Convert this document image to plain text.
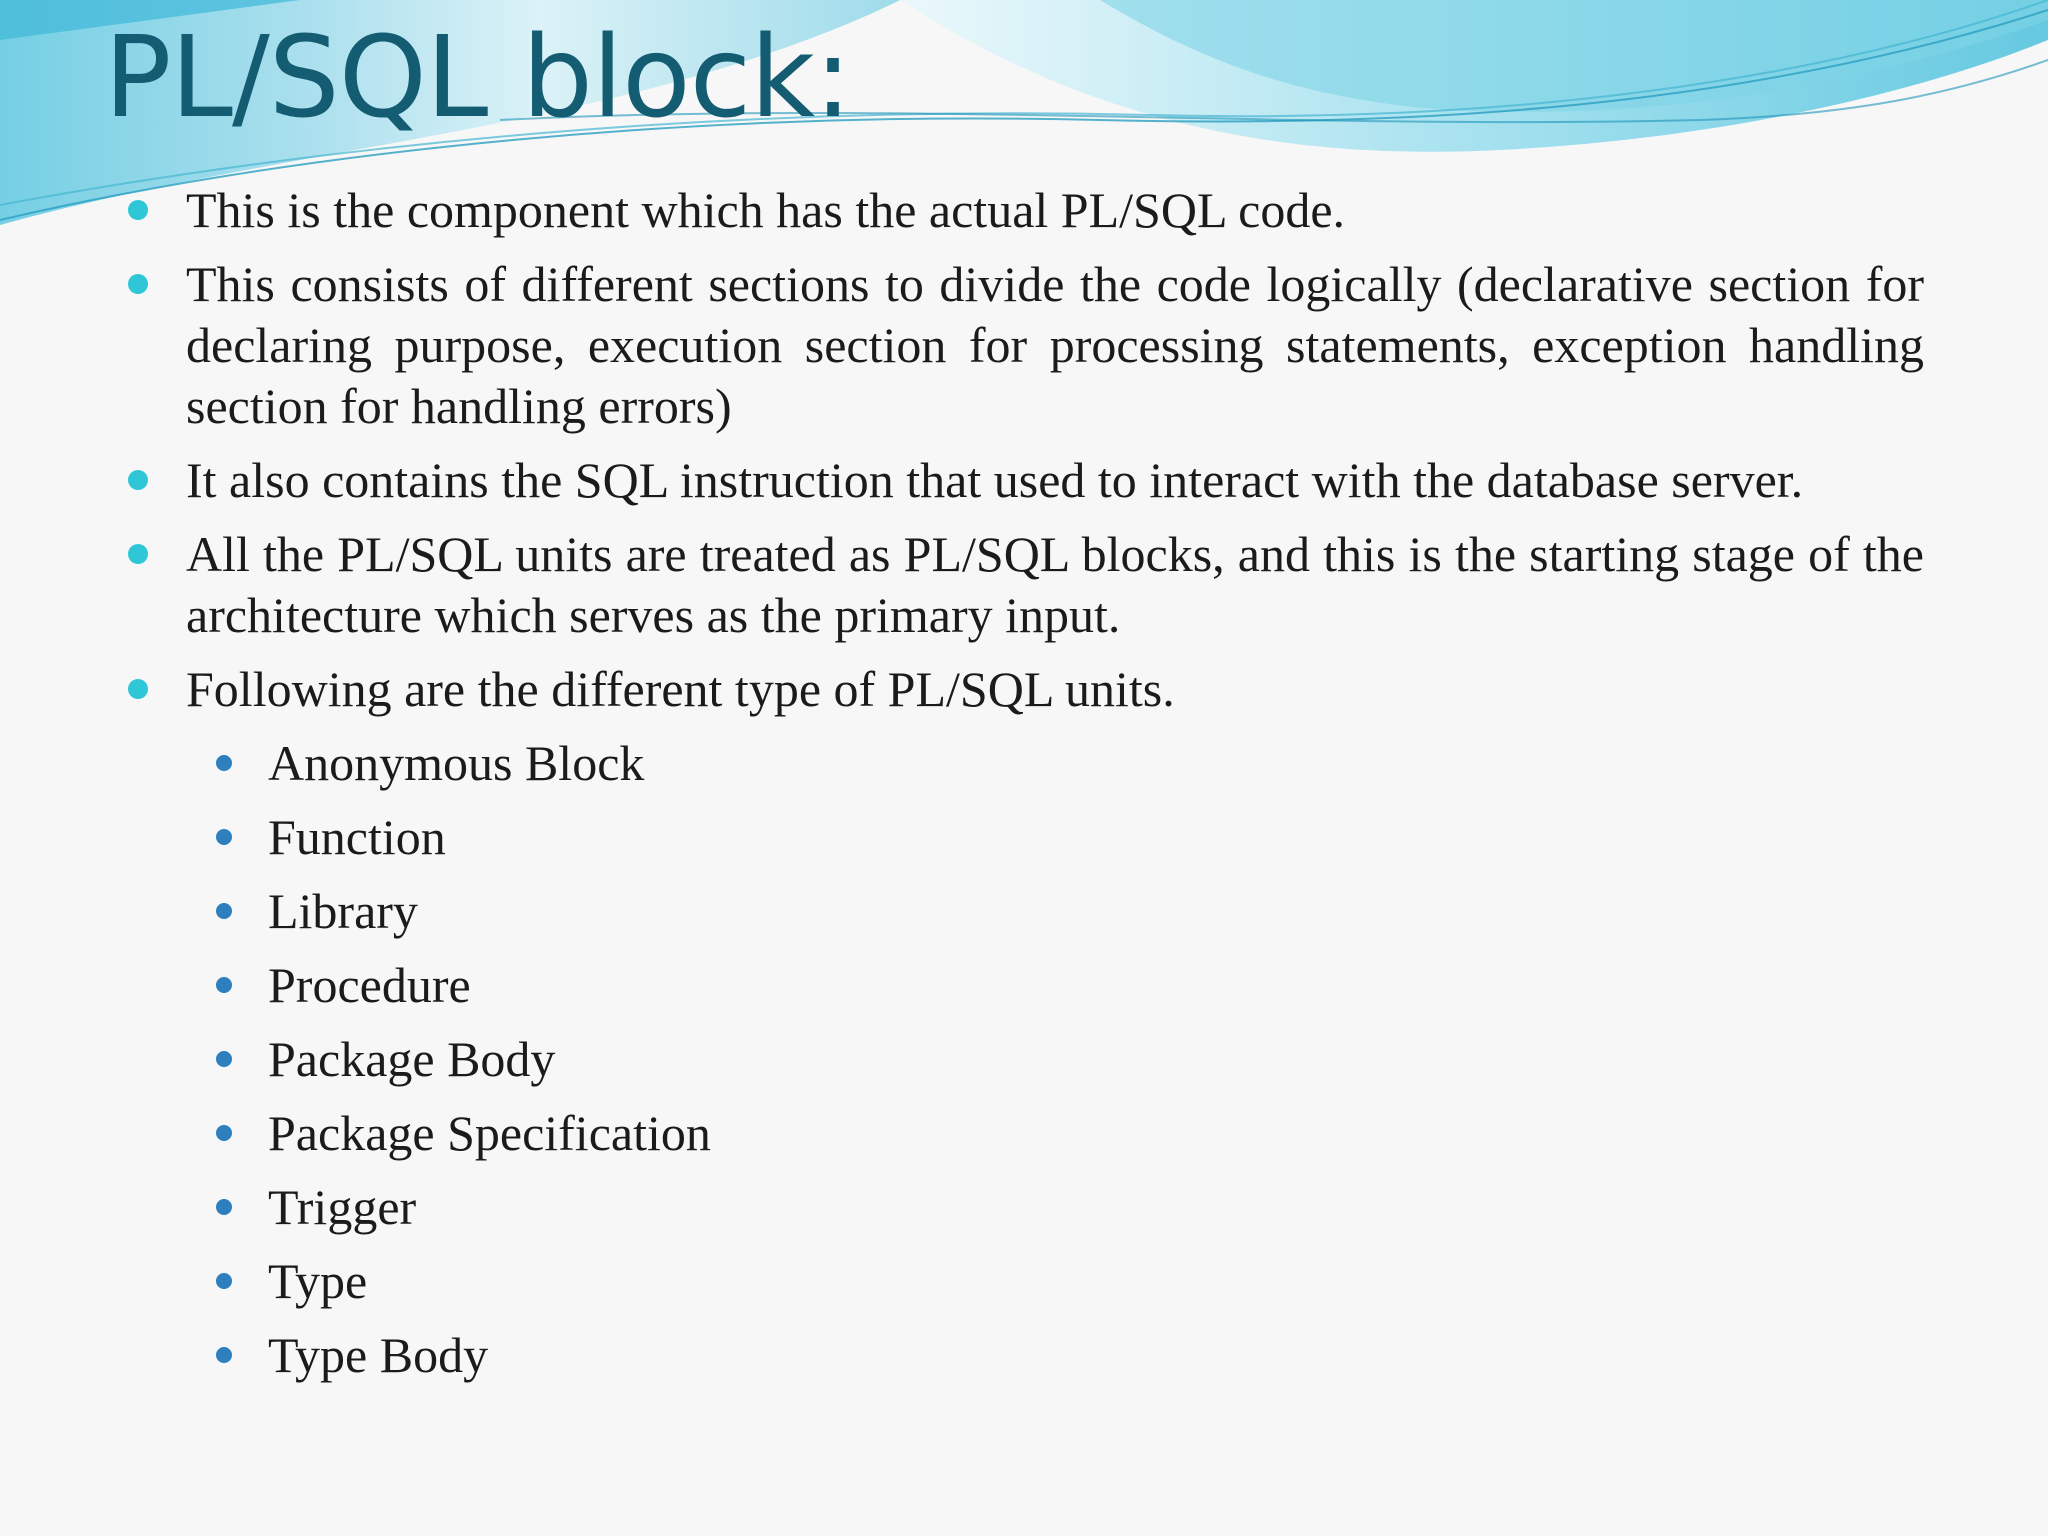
PL/SQL block:
This is the component which has the actual PL/SQL code.
This consists of different sections to divide the code logically (declarative section for declaring purpose, execution section for processing statements, exception handling section for handling errors)
It also contains the SQL instruction that used to interact with the database server.
All the PL/SQL units are treated as PL/SQL blocks, and this is the starting stage of the architecture which serves as the primary input.
Following are the different type of PL/SQL units.
Anonymous Block
Function
Library
Procedure
Package Body
Package Specification
Trigger
Type
Type Body
